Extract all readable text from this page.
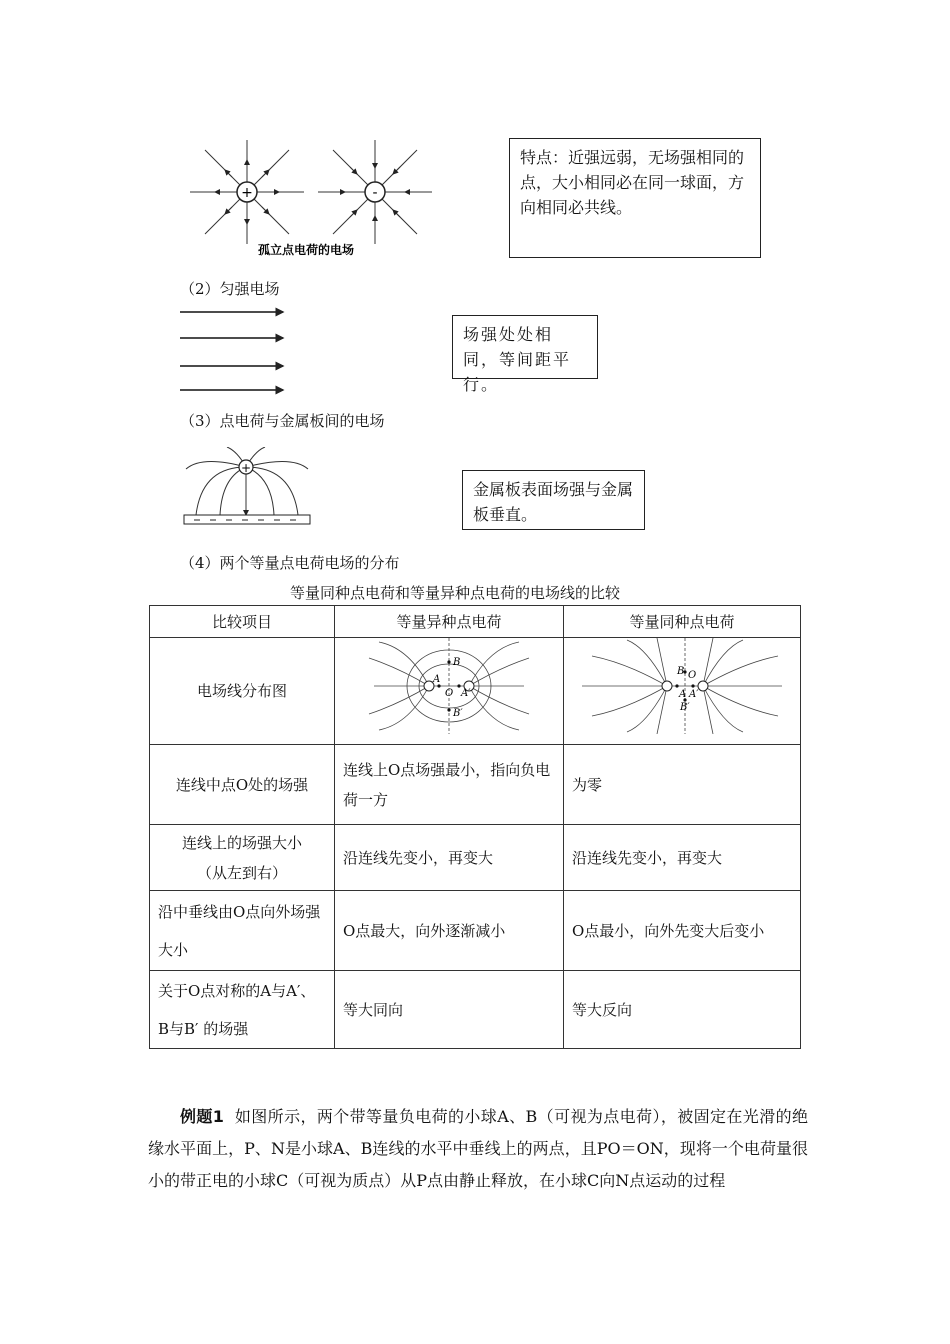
+	-
孤立点电荷的电场
特点：近强远弱，无场强相同的点，大小相同必在同一球面，方向相同必共线。
（2）匀强电场
场强处处相同，等间距平行。
（3）点电荷与金属板间的电场
+
金属板表面场强与金属板垂直。
（4）两个等量点电荷电场的分布
等量同种点电荷和等量异种点电荷的电场线的比较
比较项目	等量异种点电荷	等量同种点电荷
电场线分布图	B
B′
A
O A′	B O
A A′
B′

连线中点O处的场强	连线上O点场强最小，指向负电荷一方	为零
连线上的场强大小（从左到右）	沿连线先变小，再变大	沿连线先变小，再变大
沿中垂线由O点向外场强大小	O点最大，向外逐渐减小	O点最小，向外先变大后变小
关于O点对称的A与A′、B与B′ 的场强	等大同向	等大反向
例题1 如图所示，两个带等量负电荷的小球A、B（可视为点电荷），被固定在光滑的绝缘水平面上，P、N是小球A、B连线的水平中垂线上的两点，且PO＝ON，现将一个电荷量很小的带正电的小球C（可视为质点）从P点由静止释放，在小球C向N点运动的过程
